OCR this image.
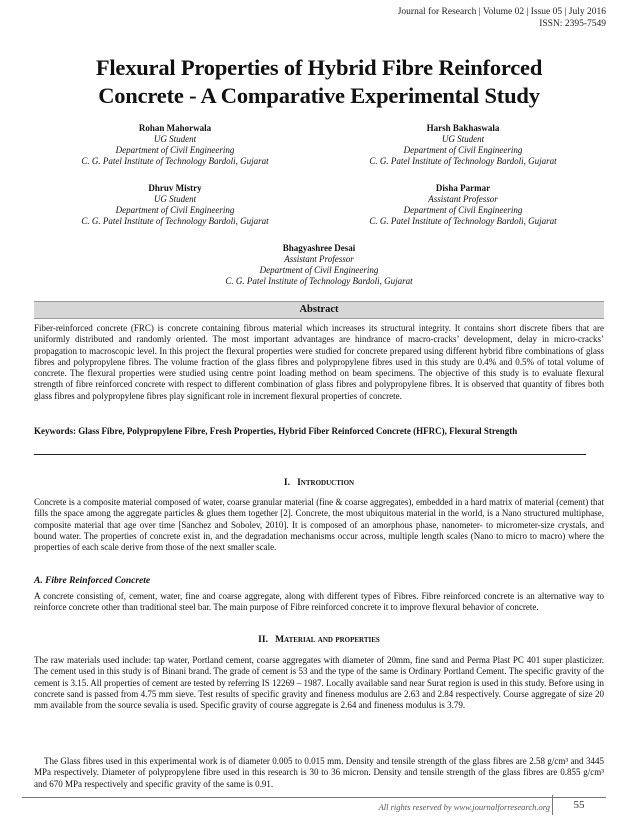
Journal for Research | Volume 02 | Issue 05 | July 2016
ISSN: 2395-7549
Flexural Properties of Hybrid Fibre Reinforced
Concrete - A Comparative Experimental Study
Rohan Mahorwala
UG Student
Department of Civil Engineering
C. G. Patel Institute of Technology Bardoli, Gujarat
Harsh Bakhaswala
UG Student
Department of Civil Engineering
C. G. Patel Institute of Technology Bardoli, Gujarat
Dhruv Mistry
UG Student
Department of Civil Engineering
C. G. Patel Institute of Technology Bardoli, Gujarat
Disha Parmar
Assistant Professor
Department of Civil Engineering
C. G. Patel Institute of Technology Bardoli, Gujarat
Bhagyashree Desai
Assistant Professor
Department of Civil Engineering
C. G. Patel Institute of Technology Bardoli, Gujarat
Abstract

Fiber-reinforced concrete (FRC) is concrete containing fibrous material which increases its structural integrity. It contains short discrete fibers that are uniformly distributed and randomly oriented. The most important advantages are hindrance of macro-cracks’ development, delay in micro-cracks’ propagation to macroscopic level. In this project the flexural properties were studied for concrete prepared using different hybrid fibre combinations of glass fibres and polypropylene fibres. The volume fraction of the glass fibres and polypropylene fibres used in this study are 0.4% and 0.5% of total volume of concrete. The flexural properties were studied using centre point loading method on beam specimens. The objective of this study is to evaluate flexural strength of fibre reinforced concrete with respect to different combination of glass fibres and polypropylene fibres. It is observed that quantity of fibres both glass fibres and polypropylene fibres play significant role in increment flexural properties of concrete.

Keywords: Glass Fibre, Polypropylene Fibre, Fresh Properties, Hybrid Fiber Reinforced Concrete (HFRC), Flexural Strength

I. Introduction

Concrete is a composite material composed of water, coarse granular material (fine & coarse aggregates), embedded in a hard matrix of material (cement) that fills the space among the aggregate particles & glues them together [2]. Concrete, the most ubiquitous material in the world, is a Nano structured multiphase, composite material that age over time [Sanchez and Sobolev, 2010]. It is composed of an amorphous phase, nanometer- to micrometer-size crystals, and bound water. The properties of concrete exist in, and the degradation mechanisms occur across, multiple length scales (Nano to micro to macro) where the properties of each scale derive from those of the next smaller scale.

A. Fibre Reinforced Concrete

A concrete consisting of, cement, water, fine and coarse aggregate, along with different types of Fibres. Fibre reinforced concrete is an alternative way to reinforce concrete other than traditional steel bar. The main purpose of Fibre reinforced concrete it to improve flexural behavior of concrete.

II. Material and properties

The raw materials used include: tap water, Portland cement, coarse aggregates with diameter of 20mm, fine sand and Perma Plast PC 401 super plasticizer. The cement used in this study is of Binani brand. The grade of cement is 53 and the type of the same is Ordinary Portland Cement. The specific gravity of the cement is 3.15. All properties of cement are tested by referring IS 12269 – 1987. Locally available sand near Surat region is used in this study. Before using in concrete sand is passed from 4.75 mm sieve. Test results of specific gravity and fineness modulus are 2.63 and 2.84 respectively. Course aggregate of size 20 mm available from the source sevalia is used. Specific gravity of course aggregate is 2.64 and fineness modulus is 3.79.

The Glass fibres used in this experimental work is of diameter 0.005 to 0.015 mm. Density and tensile strength of the glass fibres are 2.58 g/cm³ and 3445 MPa respectively. Diameter of polypropylene fibre used in this research is 30 to 36 micron. Density and tensile strength of the glass fibres are 0.855 g/cm³ and 670 MPa respectively and specific gravity of the same is 0.91.

All rights reserved by www.journalforresearch.org	55
